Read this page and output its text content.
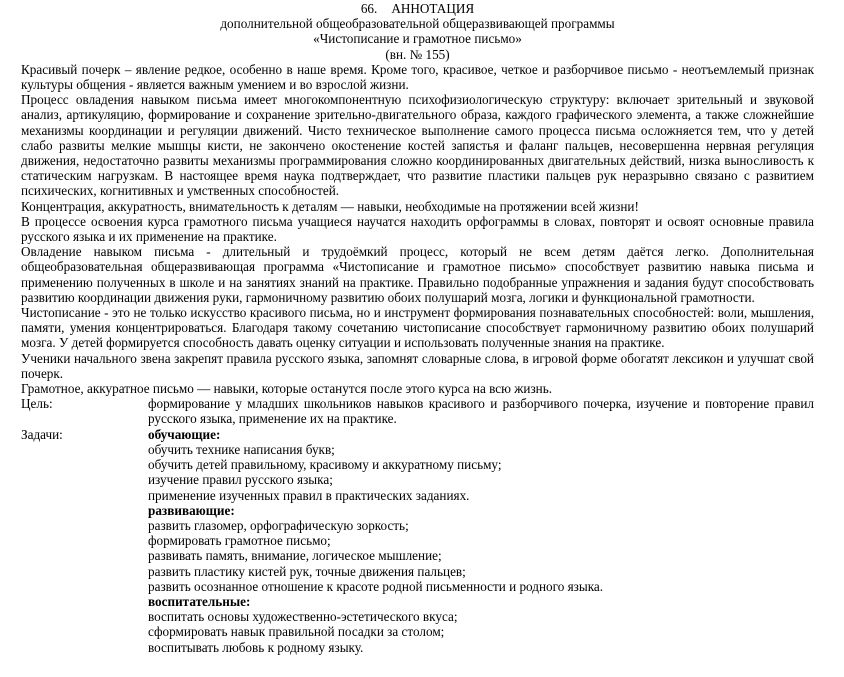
66. АННОТАЦИЯ
дополнительной общеобразовательной общеразвивающей программы
«Чистописание и грамотное письмо»
(вн. № 155)

Красивый почерк – явление редкое, особенно в наше время. Кроме того, красивое, четкое и разборчивое письмо - неотъемлемый признак культуры общения - является важным умением и во взрослой жизни.

Процесс овладения навыком письма имеет многокомпонентную психофизиологическую структуру: включает зрительный и звуковой анализ, артикуляцию, формирование и сохранение зрительно-двигательного образа, каждого графического элемента, а также сложнейшие механизмы координации и регуляции движений. Чисто техническое выполнение самого процесса письма осложняется тем, что у детей слабо развиты мелкие мышцы кисти, не закончено окостенение костей запястья и фаланг пальцев, несовершенна нервная регуляция движения, недостаточно развиты механизмы программирования сложно координированных двигательных действий, низка выносливость к статическим нагрузкам. В настоящее время наука подтверждает, что развитие пластики пальцев рук неразрывно связано с развитием психических, когнитивных и умственных способностей.

Концентрация, аккуратность, внимательность к деталям — навыки, необходимые на протяжении всей жизни!

В процессе освоения курса грамотного письма учащиеся научатся находить орфограммы в словах, повторят и освоят основные правила русского языка и их применение на практике.

Овладение навыком письма - длительный и трудоёмкий процесс, который не всем детям даётся легко. Дополнительная общеобразовательная общеразвивающая программа «Чистописание и грамотное письмо» способствует развитию навыка письма и применению полученных в школе и на занятиях знаний на практике. Правильно подобранные упражнения и задания будут способствовать развитию координации движения руки, гармоничному развитию обоих полушарий мозга, логики и функциональной грамотности.

Чистописание - это не только искусство красивого письма, но и инструмент формирования познавательных способностей: воли, мышления, памяти, умения концентрироваться. Благодаря такому сочетанию чистописание способствует гармоничному развитию обоих полушарий мозга. У детей формируется способность давать оценку ситуации и использовать полученные знания на практике.

Ученики начального звена закрепят правила русского языка, запомнят словарные слова, в игровой форме обогатят лексикон и улучшат свой почерк.

Грамотное, аккуратное письмо — навыки, которые останутся после этого курса на всю жизнь.

Цель:	формирование у младших школьников навыков красивого и разборчивого почерка, изучение и повторение правил русского языка, применение их на практике.
Задачи:	обучающие:
обучить технике написания букв;
обучить детей правильному, красивому и аккуратному письму;
изучение правил русского языка;
применение изученных правил в практических заданиях.
развивающие:
развить глазомер, орфографическую зоркость;
формировать грамотное письмо;
развивать память, внимание, логическое мышление;
развить пластику кистей рук, точные движения пальцев;
развить осознанное отношение к красоте родной письменности и родного языка.
воспитательные:
воспитать основы художественно-эстетического вкуса;
сформировать навык правильной посадки за столом;
воспитывать любовь к родному языку.
